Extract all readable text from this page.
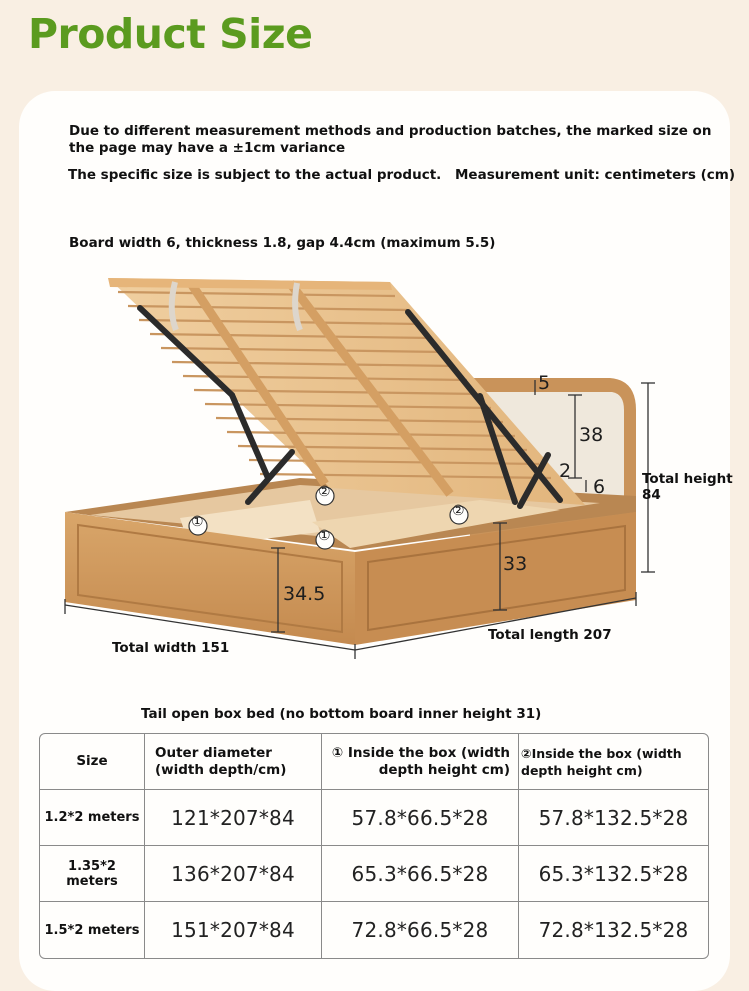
Product Size
Due to different measurement methods and production batches, the marked size on the page may have a ±1cm variance
The specific size is subject to the actual product. Measurement unit: centimeters (cm)
Board width 6, thickness 1.8, gap 4.4cm (maximum 5.5)
5
38
2
6
33
34.5
Total height 84
Total length 207
Total width 151
①
①
②
②
Tail open box bed (no bottom board inner height 31)
Size	Outer diameter (width depth/cm)	① Inside the box (width depth height cm)	②Inside the box (width depth height cm)
1.2*2 meters	121*207*84	57.8*66.5*28	57.8*132.5*28
1.35*2 meters	136*207*84	65.3*66.5*28	65.3*132.5*28
1.5*2 meters	151*207*84	72.8*66.5*28	72.8*132.5*28
